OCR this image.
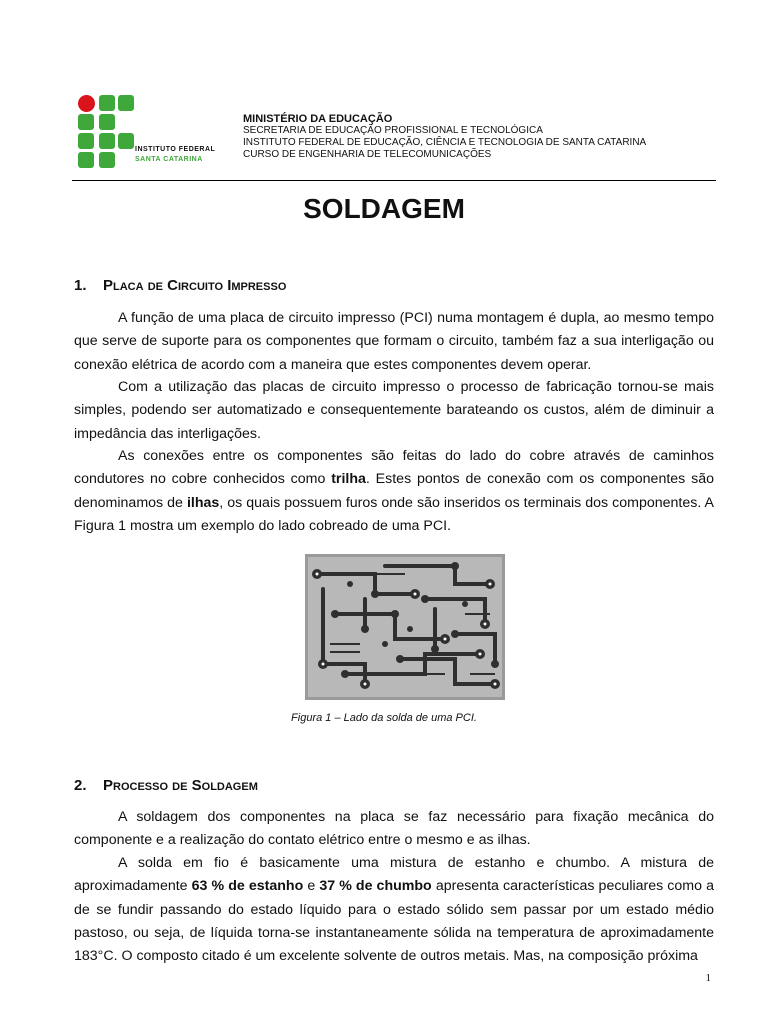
INSTITUTO FEDERAL
SANTA CATARINA
MINISTÉRIO DA EDUCAÇÃO
SECRETARIA DE EDUCAÇÃO PROFISSIONAL E TECNOLÓGICA
INSTITUTO FEDERAL DE EDUCAÇÃO, CIÊNCIA E TECNOLOGIA DE SANTA CATARINA
CURSO DE ENGENHARIA DE TELECOMUNICAÇÕES
SOLDAGEM
1. Placa de Circuito Impresso

A função de uma placa de circuito impresso (PCI) numa montagem é dupla, ao mesmo tempo que serve de suporte para os componentes que formam o circuito, também faz a sua interligação ou conexão elétrica de acordo com a maneira que estes componentes devem operar.

Com a utilização das placas de circuito impresso o processo de fabricação tornou-se mais simples, podendo ser automatizado e consequentemente barateando os custos, além de diminuir a impedância das interligações.

As conexões entre os componentes são feitas do lado do cobre através de caminhos condutores no cobre conhecidos como trilha. Estes pontos de conexão com os componentes são denominamos de ilhas, os quais possuem furos onde são inseridos os terminais dos componentes. A Figura 1 mostra um exemplo do lado cobreado de uma PCI.

Figura 1 – Lado da solda de uma PCI.
2. Processo de Soldagem

A soldagem dos componentes na placa se faz necessário para fixação mecânica do componente e a realização do contato elétrico entre o mesmo e as ilhas.

A solda em fio é basicamente uma mistura de estanho e chumbo. A mistura de aproximadamente 63 % de estanho e 37 % de chumbo apresenta características peculiares como a de se fundir passando do estado líquido para o estado sólido sem passar por um estado médio pastoso, ou seja, de líquida torna-se instantaneamente sólida na temperatura de aproximadamente 183°C. O composto citado é um excelente solvente de outros metais. Mas, na composição próxima

1
